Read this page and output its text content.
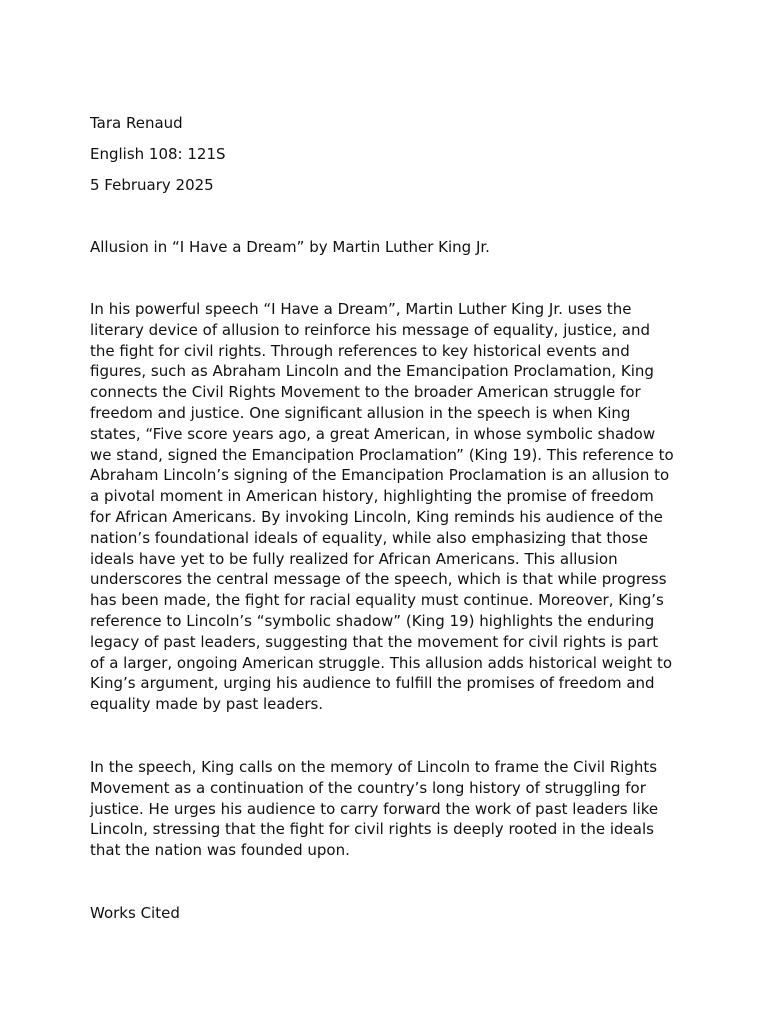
Tara Renaud

English 108: 121S

5 February 2025

Allusion in “I Have a Dream” by Martin Luther King Jr.

In his powerful speech “I Have a Dream”, Martin Luther King Jr. uses the
literary device of allusion to reinforce his message of equality, justice, and
the fight for civil rights. Through references to key historical events and
figures, such as Abraham Lincoln and the Emancipation Proclamation, King
connects the Civil Rights Movement to the broader American struggle for
freedom and justice. One significant allusion in the speech is when King
states, “Five score years ago, a great American, in whose symbolic shadow
we stand, signed the Emancipation Proclamation” (King 19). This reference to
Abraham Lincoln’s signing of the Emancipation Proclamation is an allusion to
a pivotal moment in American history, highlighting the promise of freedom
for African Americans. By invoking Lincoln, King reminds his audience of the
nation’s foundational ideals of equality, while also emphasizing that those
ideals have yet to be fully realized for African Americans. This allusion
underscores the central message of the speech, which is that while progress
has been made, the fight for racial equality must continue. Moreover, King’s
reference to Lincoln’s “symbolic shadow” (King 19) highlights the enduring
legacy of past leaders, suggesting that the movement for civil rights is part
of a larger, ongoing American struggle. This allusion adds historical weight to
King’s argument, urging his audience to fulfill the promises of freedom and
equality made by past leaders.
In the speech, King calls on the memory of Lincoln to frame the Civil Rights
Movement as a continuation of the country’s long history of struggling for
justice. He urges his audience to carry forward the work of past leaders like
Lincoln, stressing that the fight for civil rights is deeply rooted in the ideals
that the nation was founded upon.

Works Cited
